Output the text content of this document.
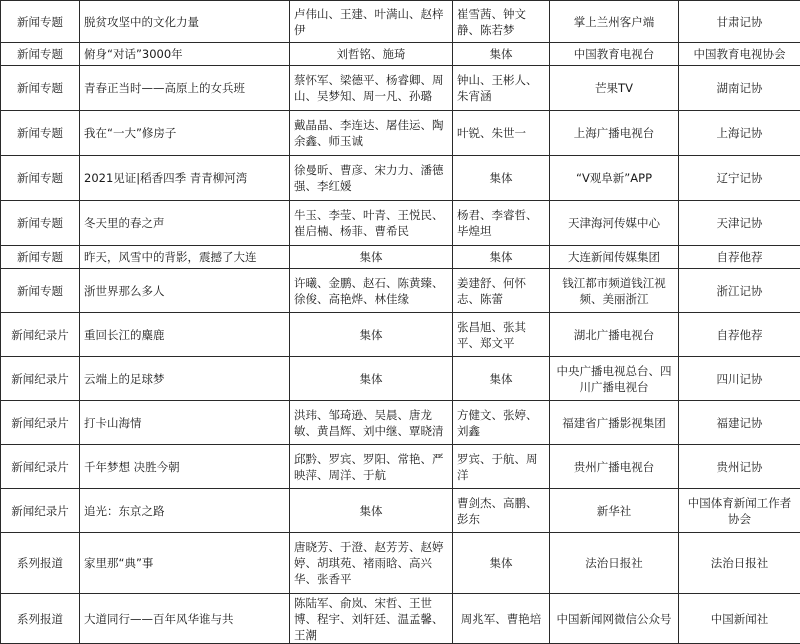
新闻专题	脱贫攻坚中的文化力量	卢伟山、王建、叶满山、赵梓伊	崔雪茜、钟文静、陈若梦	掌上兰州客户端	甘肃记协
新闻专题	俯身“对话”3000年	刘哲铭、施琦	集体	中国教育电视台	中国教育电视协会
新闻专题	青春正当时——高原上的女兵班	蔡怀军、梁德平、杨睿卿、周山、吴梦知、周一凡、孙璐	钟山、王彬人、朱宵涵	芒果TV	湖南记协
新闻专题	我在“一大”修房子	戴晶晶、李连达、屠佳运、陶余鑫、师玉诚	叶锐、朱世一	上海广播电视台	上海记协
新闻专题	2021见证|稻香四季 青青柳河湾	徐曼昕、曹彦、宋力力、潘德强、李红媛	集体	“V观阜新”APP	辽宁记协
新闻专题	冬天里的春之声	牛玉、李莹、叶青、王悦民、崔启楠、杨菲、曹希民	杨君、李睿哲、毕煌坦	天津海河传媒中心	天津记协
新闻专题	昨天，风雪中的背影，震撼了大连	集体	集体	大连新闻传媒集团	自荐他荐
新闻专题	浙世界那么多人	许曦、金鹏、赵石、陈黄臻、徐俊、高艳烨、林佳缘	姜建舒、何怀志、陈蕾	钱江都市频道钱江视频、美丽浙江	浙江记协
新闻纪录片	重回长江的麋鹿	集体	张昌旭、张其平、郑文平	湖北广播电视台	自荐他荐
新闻纪录片	云端上的足球梦	集体	集体	中央广播电视总台、四川广播电视台	四川记协
新闻纪录片	打卡山海情	洪玮、邹琦逊、吴晨、唐龙敏、黄昌辉、刘中继、覃晓清	方健文、张婷、刘鑫	福建省广播影视集团	福建记协
新闻纪录片	千年梦想 决胜今朝	邱黔、罗宾、罗阳、常艳、严映萍、周洋、于航	罗宾、于航、周洋	贵州广播电视台	贵州记协
新闻纪录片	追光：东京之路	集体	曹剑杰、高鹏、彭东	新华社	中国体育新闻工作者协会
系列报道	家里那“典”事	唐晓芳、于澄、赵芳芳、赵婷婷、胡琪苑、褚雨晗、高兴华、张香平	集体	法治日报社	法治日报社
系列报道	大道同行——百年风华谁与共	陈陆军、俞岚、宋哲、王世博、程宇、刘轩廷、温孟馨、王潮	周兆军、曹艳培	中国新闻网微信公众号	中国新闻社
